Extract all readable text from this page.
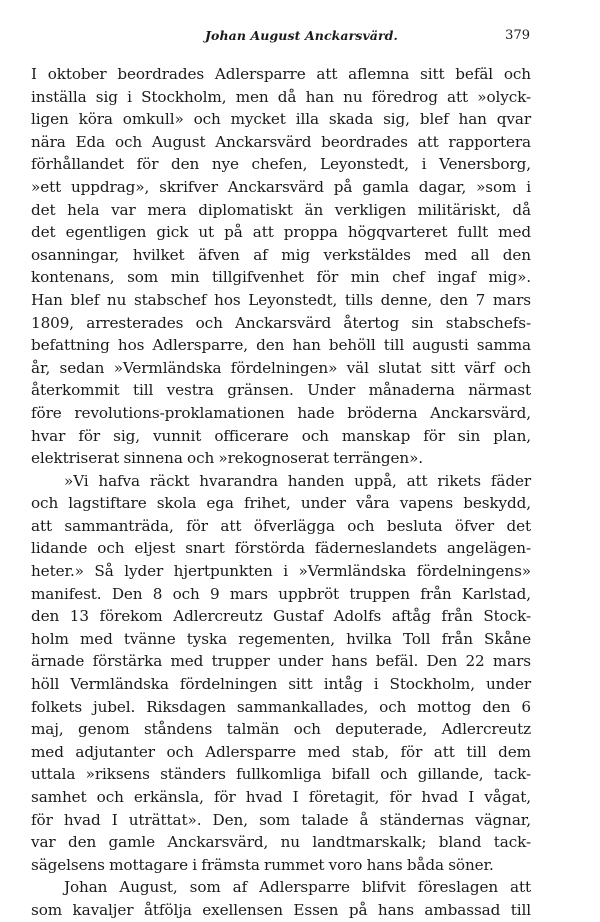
Johan August Anckarsvärd.	379
I oktober beordrades Adlersparre att aflemna sitt befäl och
inställa sig i Stockholm, men då han nu föredrog att »olyck-
ligen köra omkull» och mycket illa skada sig, blef han qvar
nära Eda och August Anckarsvärd beordrades att rapportera
förhållandet för den nye chefen, Leyonstedt, i Venersborg,
»ett uppdrag», skrifver Anckarsvärd på gamla dagar, »som i
det hela var mera diplomatiskt än verkligen militäriskt, då
det egentligen gick ut på att proppa högqvarteret fullt med
osanningar, hvilket äfven af mig verkstäldes med all den
kontenans, som min tillgifvenhet för min chef ingaf mig».
Han blef nu stabschef hos Leyonstedt, tills denne, den 7 mars
1809, arresterades och Anckarsvärd återtog sin stabschefs-
befattning hos Adlersparre, den han behöll till augusti samma
år, sedan »Vermländska fördelningen» väl slutat sitt värf och
återkommit till vestra gränsen. Under månaderna närmast
före revolutions-proklamationen hade bröderna Anckarsvärd,
hvar för sig, vunnit officerare och manskap för sin plan,
elektriserat sinnena och »rekognoserat terrängen».
»Vi hafva räckt hvarandra handen uppå, att rikets fäder
och lagstiftare skola ega frihet, under våra vapens beskydd,
att sammanträda, för att öfverlägga och besluta öfver det
lidande och eljest snart förstörda fäderneslandets angelägen-
heter.» Så lyder hjertpunkten i »Vermländska fördelningens»
manifest. Den 8 och 9 mars uppbröt truppen från Karlstad,
den 13 förekom Adlercreutz Gustaf Adolfs aftåg från Stock-
holm med tvänne tyska regementen, hvilka Toll från Skåne
ärnade förstärka med trupper under hans befäl. Den 22 mars
höll Vermländska fördelningen sitt intåg i Stockholm, under
folkets jubel. Riksdagen sammankallades, och mottog den 6
maj, genom ståndens talmän och deputerade, Adlercreutz
med adjutanter och Adlersparre med stab, för att till dem
uttala »riksens ständers fullkomliga bifall och gillande, tack-
samhet och erkänsla, för hvad I företagit, för hvad I vågat,
för hvad I uträttat». Den, som talade å ständernas vägnar,
var den gamle Anckarsvärd, nu landtmarskalk; bland tack-
sägelsens mottagare i främsta rummet voro hans båda söner.
Johan August, som af Adlersparre blifvit föreslagen att
som kavaljer åtfölja exellensen Essen på hans ambassad till
